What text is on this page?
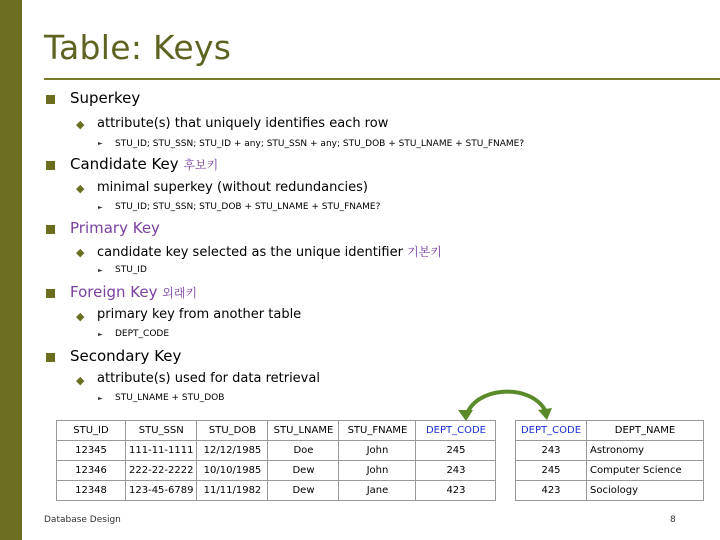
Table: Keys
Superkey
◆ attribute(s) that uniquely identifies each row
► STU_ID; STU_SSN; STU_ID + any; STU_SSN + any; STU_DOB + STU_LNAME + STU_FNAME?
Candidate Key 후보키
◆ minimal superkey (without redundancies)
► STU_ID; STU_SSN; STU_DOB + STU_LNAME + STU_FNAME?
Primary Key
◆ candidate key selected as the unique identifier 기본키
► STU_ID
Foreign Key 외래키
◆ primary key from another table
► DEPT_CODE
Secondary Key
◆ attribute(s) used for data retrieval
► STU_LNAME + STU_DOB
STU_ID	STU_SSN	STU_DOB	STU_LNAME	STU_FNAME	DEPT_CODE
12345	111-11-1111	12/12/1985	Doe	John	245
12346	222-22-2222	10/10/1985	Dew	John	243
12348	123-45-6789	11/11/1982	Dew	Jane	423
DEPT_CODE	DEPT_NAME
243	Astronomy
245	Computer Science
423	Sociology
Database Design	8
